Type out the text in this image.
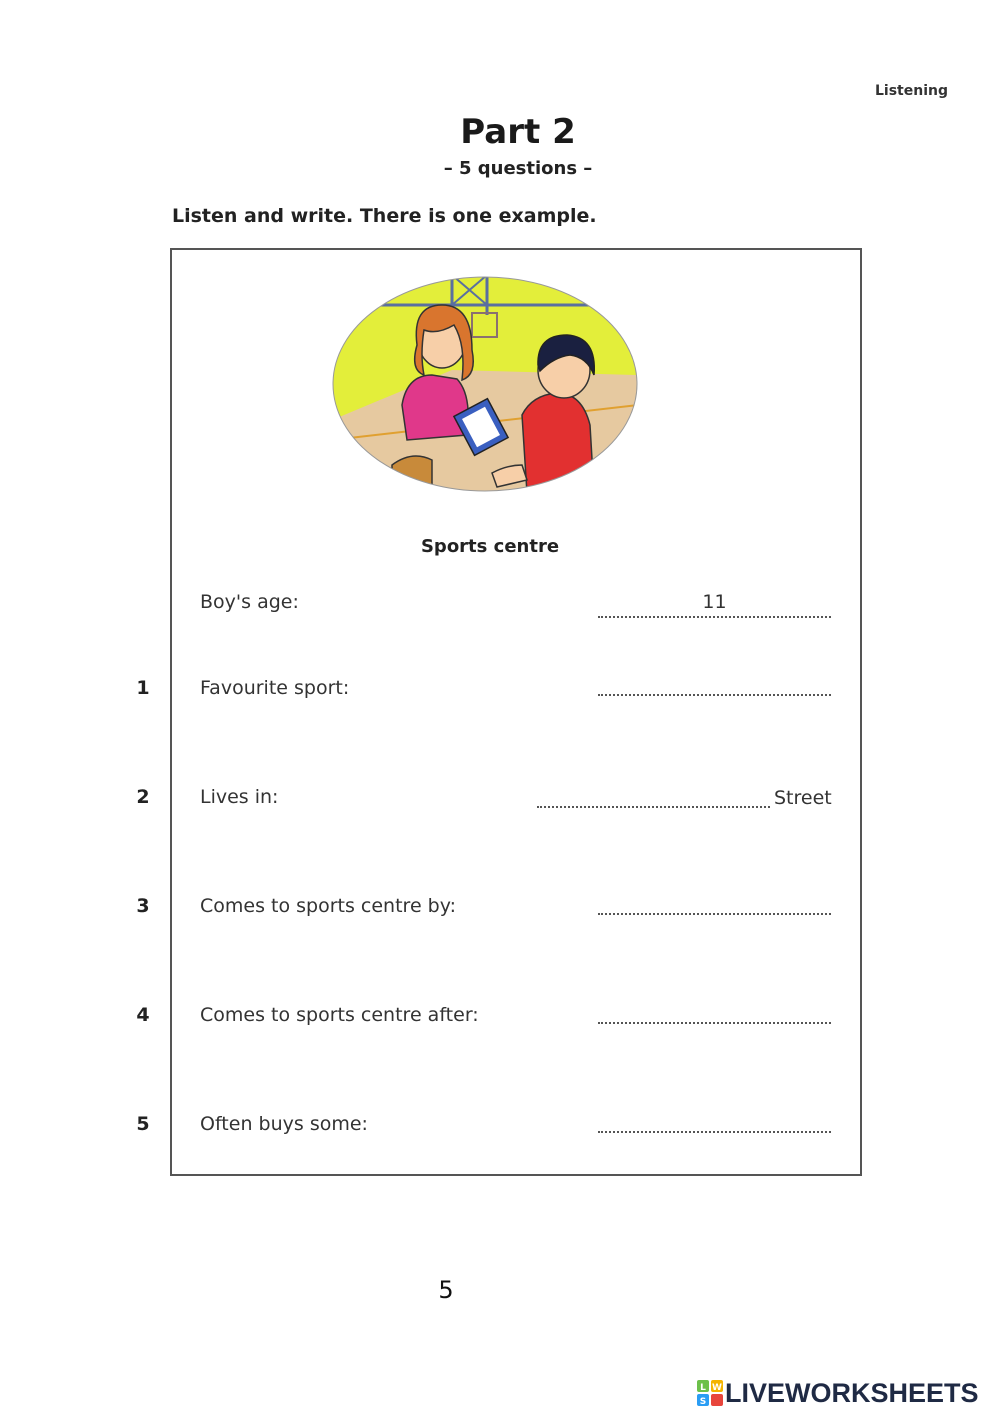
Listening
Part 2
– 5 questions –
Listen and write. There is one example.
Sports centre
Boy's age:	11
1	Favourite sport:
2	Lives in:	Street
3	Comes to sports centre by:
4	Comes to sports centre after:
5	Often buys some:
5
L W
S LIVEWORKSHEETS
